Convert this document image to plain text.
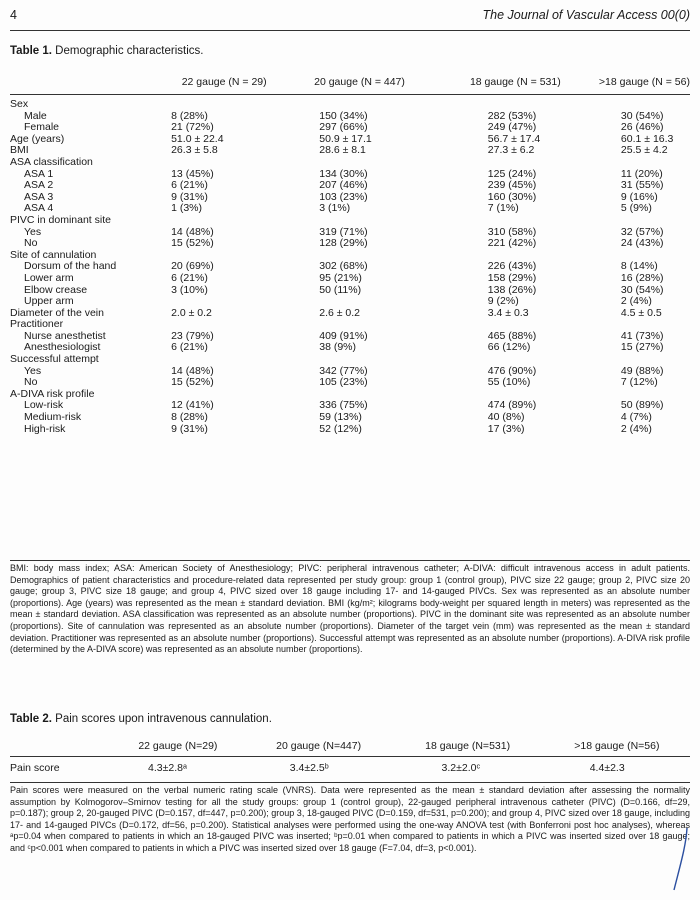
4	The Journal of Vascular Access 00(0)
Table 1. Demographic characteristics.
	22 gauge (N = 29)	20 gauge (N = 447)	18 gauge (N = 531)	>18 gauge (N = 56)
Sex				
Male	8 (28%)	150 (34%)	282 (53%)	30 (54%)
Female	21 (72%)	297 (66%)	249 (47%)	26 (46%)
Age (years)	51.0 ± 22.4	50.9 ± 17.1	56.7 ± 17.4	60.1 ± 16.3
BMI	26.3 ± 5.8	28.6 ± 8.1	27.3 ± 6.2	25.5 ± 4.2
ASA classification				
ASA 1	13 (45%)	134 (30%)	125 (24%)	11 (20%)
ASA 2	6 (21%)	207 (46%)	239 (45%)	31 (55%)
ASA 3	9 (31%)	103 (23%)	160 (30%)	9 (16%)
ASA 4	1 (3%)	3 (1%)	7 (1%)	5 (9%)
PIVC in dominant site				
Yes	14 (48%)	319 (71%)	310 (58%)	32 (57%)
No	15 (52%)	128 (29%)	221 (42%)	24 (43%)
Site of cannulation				
Dorsum of the hand	20 (69%)	302 (68%)	226 (43%)	8 (14%)
Lower arm	6 (21%)	95 (21%)	158 (29%)	16 (28%)
Elbow crease	3 (10%)	50 (11%)	138 (26%)	30 (54%)
Upper arm			9 (2%)	2 (4%)
Diameter of the vein	2.0 ± 0.2	2.6 ± 0.2	3.4 ± 0.3	4.5 ± 0.5
Practitioner				
Nurse anesthetist	23 (79%)	409 (91%)	465 (88%)	41 (73%)
Anesthesiologist	6 (21%)	38 (9%)	66 (12%)	15 (27%)
Successful attempt				
Yes	14 (48%)	342 (77%)	476 (90%)	49 (88%)
No	15 (52%)	105 (23%)	55 (10%)	7 (12%)
A-DIVA risk profile				
Low-risk	12 (41%)	336 (75%)	474 (89%)	50 (89%)
Medium-risk	8 (28%)	59 (13%)	40 (8%)	4 (7%)
High-risk	9 (31%)	52 (12%)	17 (3%)	2 (4%)
BMI: body mass index; ASA: American Society of Anesthesiology; PIVC: peripheral intravenous catheter; A-DIVA: difficult intravenous access in adult patients. Demographics of patient characteristics and procedure-related data represented per study group: group 1 (control group), PIVC size 22 gauge; group 2, PIVC size 20 gauge; group 3, PIVC size 18 gauge; and group 4, PIVC sized over 18 gauge including 17- and 14-gauged PIVCs. Sex was represented as an absolute number (proportions). Age (years) was represented as the mean ± standard deviation. BMI (kg/m²; kilograms body-weight per squared length in meters) was represented as the mean ± standard deviation. ASA classification was represented as an absolute number (proportions). PIVC in the dominant site was represented as an absolute number (proportions). Site of cannulation was represented as an absolute number (proportions). Diameter of the target vein (mm) was represented as the mean ± standard deviation. Practitioner was represented as an absolute number (proportions). Successful attempt was represented as an absolute number (proportions). A-DIVA risk profile (determined by the A-DIVA score) was represented as an absolute number (proportions).
Table 2. Pain scores upon intravenous cannulation.
	22 gauge (N=29)	20 gauge (N=447)	18 gauge (N=531)	>18 gauge (N=56)
Pain score	4.3±2.8ᵃ	3.4±2.5ᵇ	3.2±2.0ᶜ	4.4±2.3
Pain scores were measured on the verbal numeric rating scale (VNRS). Data were represented as the mean ± standard deviation after assessing the normality assumption by Kolmogorov–Smirnov testing for all the study groups: group 1 (control group), 22-gauged peripheral intravenous catheter (PIVC) (D=0.166, df=29, p=0.187); group 2, 20-gauged PIVC (D=0.157, df=447, p=0.200); group 3, 18-gauged PIVC (D=0.159, df=531, p=0.200); and group 4, PIVC sized over 18 gauge, including 17- and 14-gauged PIVCs (D=0.172, df=56, p=0.200). Statistical analyses were performed using the one-way ANOVA test (with Bonferroni post hoc analyses), whereas ᵃp=0.04 when compared to patients in which an 18-gauged PIVC was inserted; ᵇp=0.01 when compared to patients in which a PIVC was inserted sized over 18 gauge; and ᶜp<0.001 when compared to patients in which a PIVC was inserted sized over 18 gauge (F=7.04, df=3, p<0.001).
